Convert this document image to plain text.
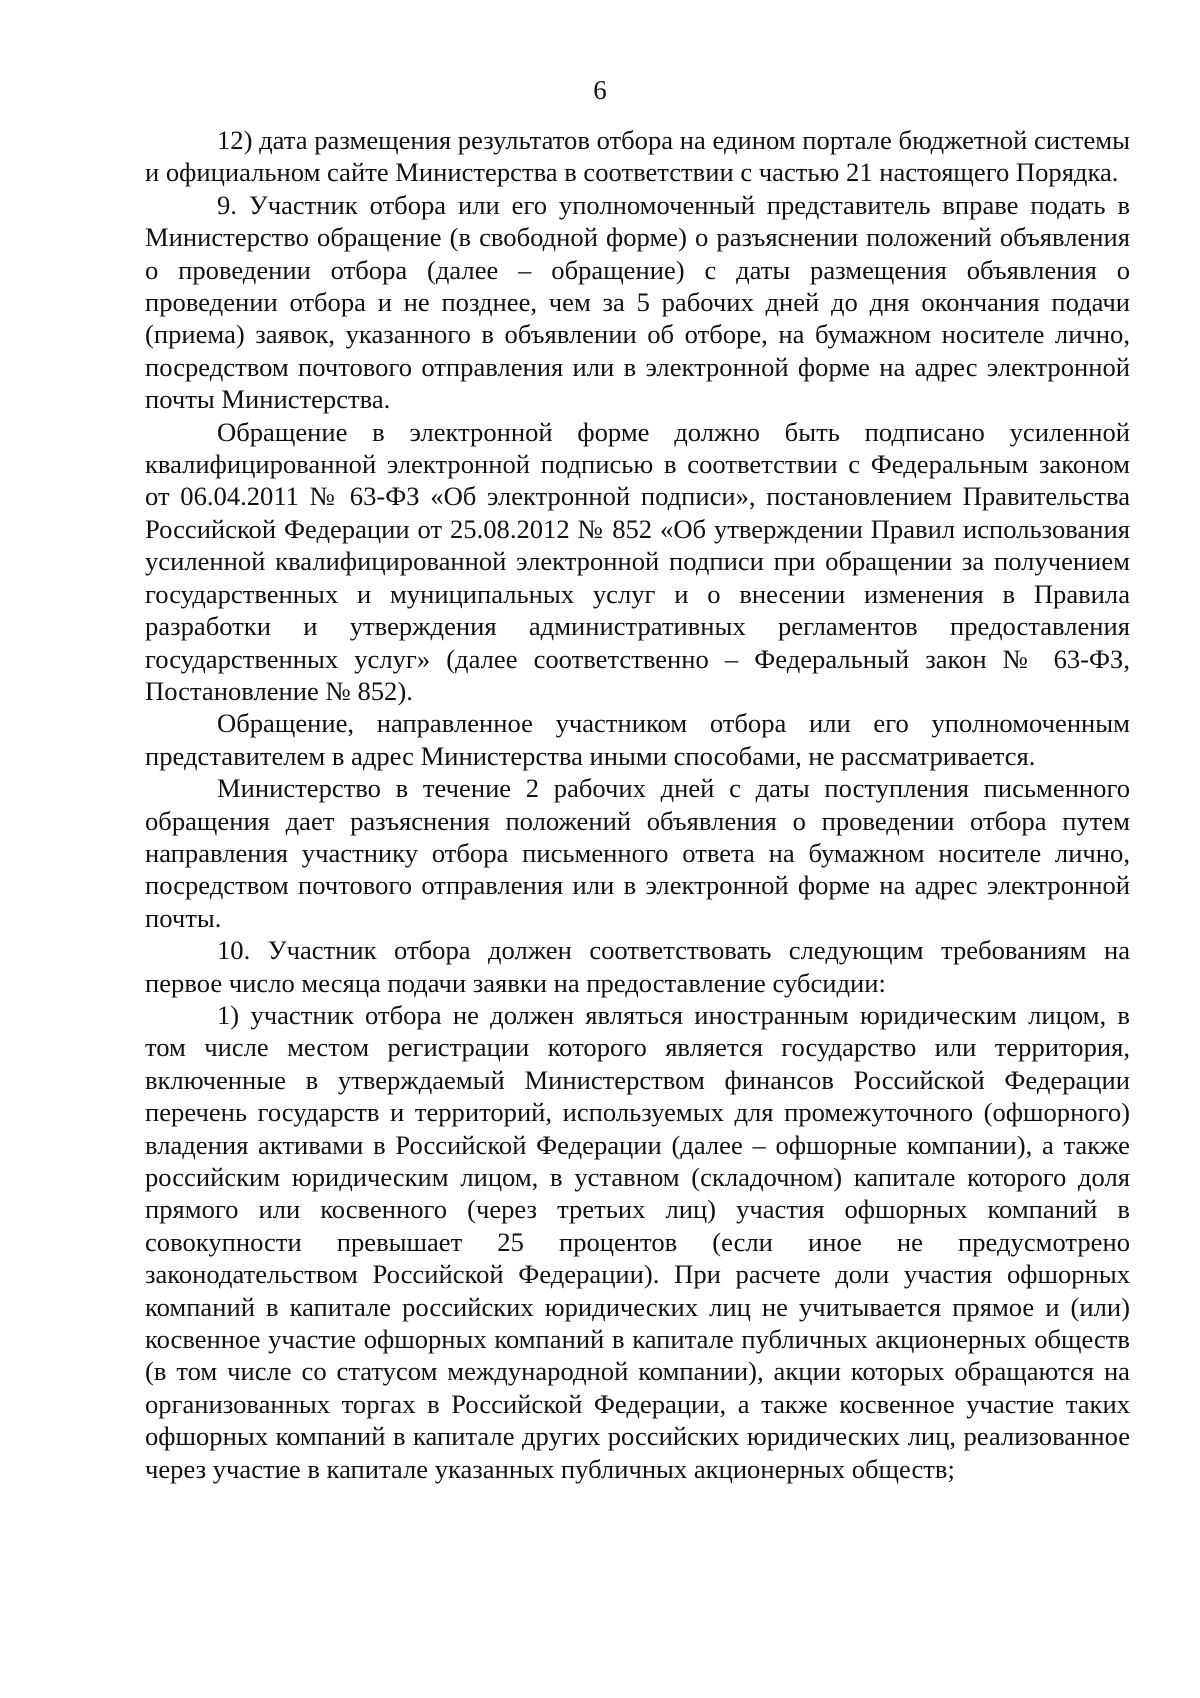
6

12) дата размещения результатов отбора на едином портале бюджетной системы и официальном сайте Министерства в соответствии с частью 21 настоящего Порядка.

9. Участник отбора или его уполномоченный представитель вправе подать в Министерство обращение (в свободной форме) о разъяснении положений объявления о проведении отбора (далее – обращение) с даты размещения объявления о проведении отбора и не позднее, чем за 5 рабочих дней до дня окончания подачи (приема) заявок, указанного в объявлении об отборе, на бумажном носителе лично, посредством почтового отправления или в электронной форме на адрес электронной почты Министерства.

Обращение в электронной форме должно быть подписано усиленной квалифицированной электронной подписью в соответствии с Федеральным законом от 06.04.2011 № 63-ФЗ «Об электронной подписи», постановлением Правительства Российской Федерации от 25.08.2012 № 852 «Об утверждении Правил использования усиленной квалифицированной электронной подписи при обращении за получением государственных и муниципальных услуг и о внесении изменения в Правила разработки и утверждения административных регламентов предоставления государственных услуг» (далее соответственно – Федеральный закон № 63-ФЗ, Постановление № 852).

Обращение, направленное участником отбора или его уполномоченным представителем в адрес Министерства иными способами, не рассматривается.

Министерство в течение 2 рабочих дней с даты поступления письменного обращения дает разъяснения положений объявления о проведении отбора путем направления участнику отбора письменного ответа на бумажном носителе лично, посредством почтового отправления или в электронной форме на адрес электронной почты.

10. Участник отбора должен соответствовать следующим требованиям на первое число месяца подачи заявки на предоставление субсидии:

1) участник отбора не должен являться иностранным юридическим лицом, в том числе местом регистрации которого является государство или территория, включенные в утверждаемый Министерством финансов Российской Федерации перечень государств и территорий, используемых для промежуточного (офшорного) владения активами в Российской Федерации (далее – офшорные компании), а также российским юридическим лицом, в уставном (складочном) капитале которого доля прямого или косвенного (через третьих лиц) участия офшорных компаний в совокупности превышает 25 процентов (если иное не предусмотрено законодательством Российской Федерации). При расчете доли участия офшорных компаний в капитале российских юридических лиц не учитывается прямое и (или) косвенное участие офшорных компаний в капитале публичных акционерных обществ (в том числе со статусом международной компании), акции которых обращаются на организованных торгах в Российской Федерации, а также косвенное участие таких офшорных компаний в капитале других российских юридических лиц, реализованное через участие в капитале указанных публичных акционерных обществ;
